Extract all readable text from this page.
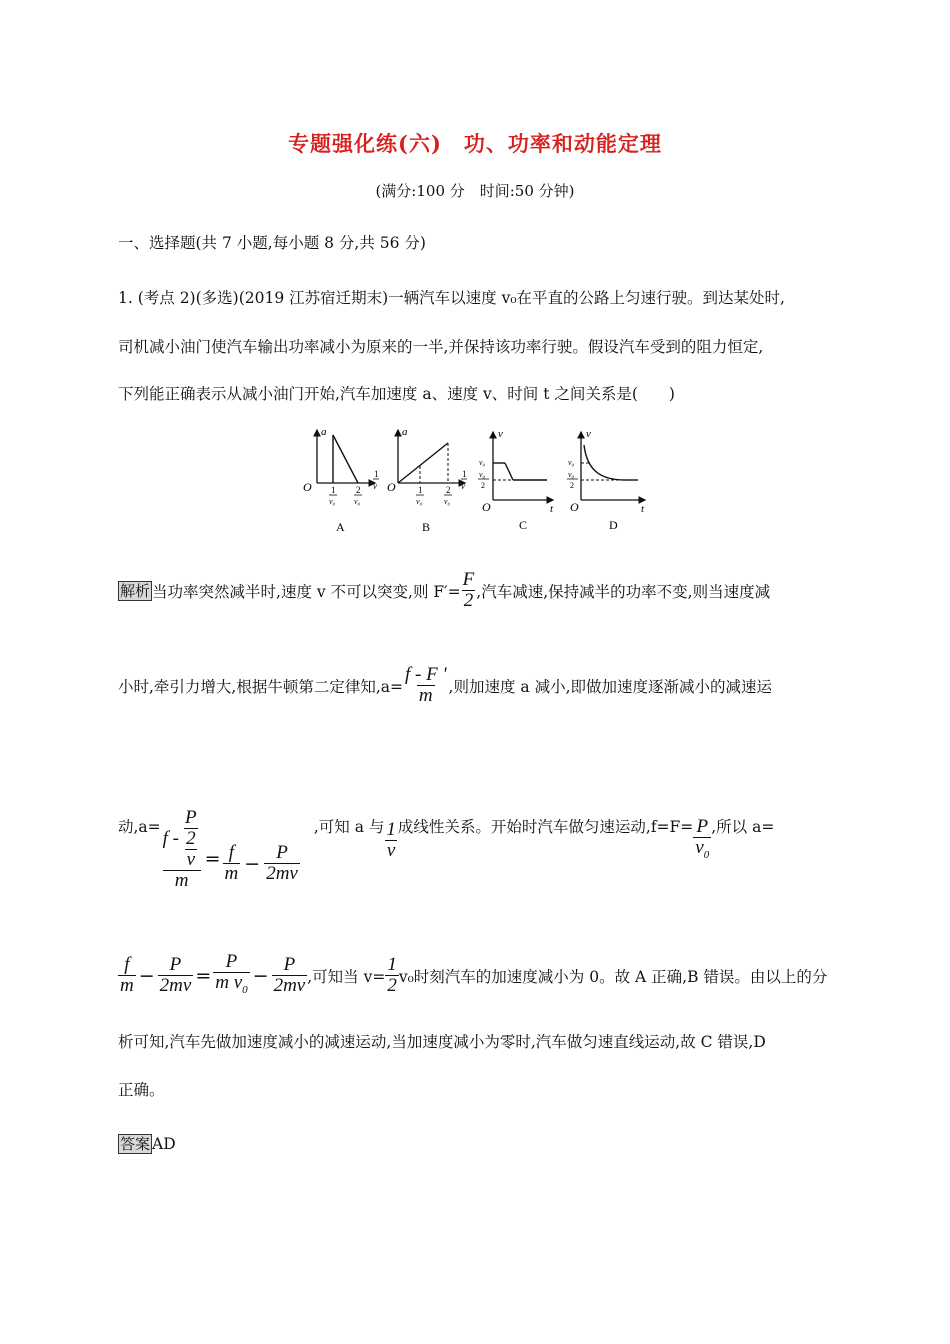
专题强化练(六)　功、功率和动能定理
(满分:100 分　时间:50 分钟)
一、选择题(共 7 小题,每小题 8 分,共 56 分)
1. (考点 2)(多选)(2019 江苏宿迁期末)一辆汽车以速度 v₀在平直的公路上匀速行驶。到达某处时,
司机减小油门使汽车输出功率减小为原来的一半,并保持该功率行驶。假设汽车受到的阻力恒定,
下列能正确表示从减小油门开始,汽车加速度 a、速度 v、时间 t 之间关系是(　　)
O
a
1
v
1
v₀
2
v₀
A
O
a
1
v
1
v₀
2
v₀
B
v
v₀
v₀
2
O	t
C
v
v₀
v₀
2
O	t
D
解析 当功率突然减半时,速度 v 不可以突变,则 $F'= \frac{F}{2}$ ,汽车减速,保持减半的功率不变,则当速度减
小时,牵引力增大,根据牛顿第二定律知$,a= \frac{f - F '}{m}$ ,则加速度 a 减小,即做加速度逐渐减小的减速运
动$,a= \frac{f - \frac{\frac{P}{2}}{v}}{m} = \frac{f}{m} - \frac{P}{2mv}$
,可知 a 与 $\frac{1}{v}$ 成线性关系。开始时汽车做匀速运动$,f=F= \frac{P}{v_0}$ ,所以 a=
$\frac{f}{m} - \frac{P}{2mv} = \frac{P}{m v_0} - \frac{P}{2mv}$ ,可知当 $v= \frac{1}{2} v_0$时刻汽车的加速度减小为 0。故 A 正确,B 错误。由以上的分
析可知,汽车先做加速度减小的减速运动,当加速度减小为零时,汽车做匀速直线运动,故 C 错误,D
正确。
答案 AD
